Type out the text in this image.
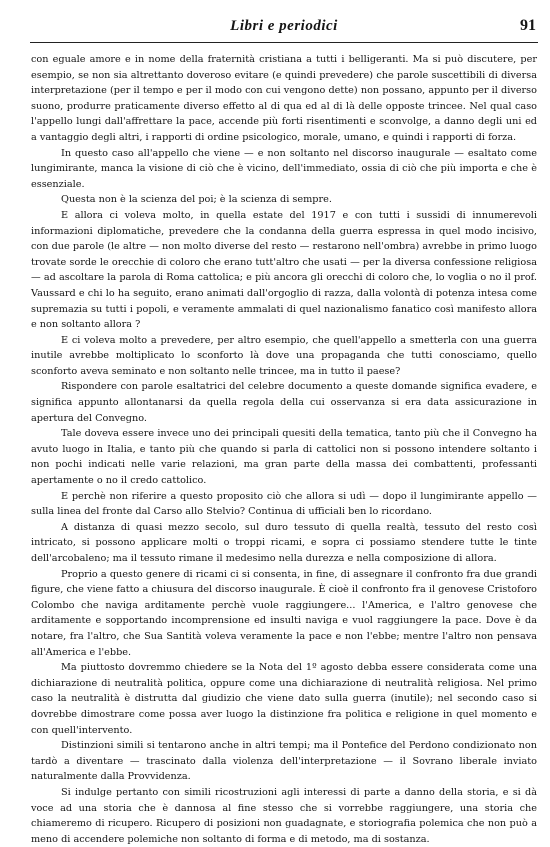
Libri e periodici	91

con eguale amore e in nome della fraternità cristiana a tutti i belligeranti. Ma si può discutere, per esempio, se non sia altrettanto doveroso evitare (e quindi prevedere) che parole suscettibili di diversa interpretazione (per il tempo e per il modo con cui vengono dette) non possano, appunto per il diverso suono, produrre praticamente diverso effetto al di qua ed al di là delle opposte trincee. Nel qual caso l'appello lungi dall'affrettare la pace, accende più forti risentimenti e sconvolge, a danno degli uni ed a vantaggio degli altri, i rapporti di ordine psicologico, morale, umano, e quindi i rapporti di forza.

In questo caso all'appello che viene — e non soltanto nel discorso inaugurale — esaltato come lungimirante, manca la visione di ciò che è vicino, dell'immediato, ossia di ciò che più importa e che è essenziale.

Questa non è la scienza del poi; è la scienza di sempre.

E allora ci voleva molto, in quella estate del 1917 e con tutti i sussidi di innumerevoli informazioni diplomatiche, prevedere che la condanna della guerra espressa in quel modo incisivo, con due parole (le altre — non molto diverse del resto — restarono nell'ombra) avrebbe in primo luogo trovate sorde le orecchie di coloro che erano tutt'altro che usati — per la diversa confessione religiosa — ad ascoltare la parola di Roma cattolica; e più ancora gli orecchi di coloro che, lo voglia o no il prof. Vaussard e chi lo ha seguito, erano animati dall'orgoglio di razza, dalla volontà di potenza intesa come supremazia su tutti i popoli, e veramente ammalati di quel nazionalismo fanatico così manifesto allora e non soltanto allora ?

E ci voleva molto a prevedere, per altro esempio, che quell'appello a smetterla con una guerra inutile avrebbe moltiplicato lo sconforto là dove una propaganda che tutti conosciamo, quello sconforto aveva seminato e non soltanto nelle trincee, ma in tutto il paese?

Rispondere con parole esaltatrici del celebre documento a queste domande significa evadere, e significa appunto allontanarsi da quella regola della cui osservanza si era data assicurazione in apertura del Convegno.

Tale doveva essere invece uno dei principali quesiti della tematica, tanto più che il Convegno ha avuto luogo in Italia, e tanto più che quando si parla di cattolici non si possono intendere soltanto i non pochi indicati nelle varie relazioni, ma gran parte della massa dei combattenti, professanti apertamente o no il credo cattolico.

E perchè non riferire a questo proposito ciò che allora si udì — dopo il lungimirante appello — sulla linea del fronte dal Carso allo Stelvio? Continua di ufficiali ben lo ricordano.

A distanza di quasi mezzo secolo, sul duro tessuto di quella realtà, tessuto del resto così intricato, si possono applicare molti o troppi ricami, e sopra ci possiamo stendere tutte le tinte dell'arcobaleno; ma il tessuto rimane il medesimo nella durezza e nella composizione di allora.

Proprio a questo genere di ricami ci si consenta, in fine, di assegnare il confronto fra due grandi figure, che viene fatto a chiusura del discorso inaugurale. È cioè il confronto fra il genovese Cristoforo Colombo che naviga arditamente perchè vuole raggiungere... l'America, e l'altro genovese che arditamente e sopportando incomprensione ed insulti naviga e vuol raggiungere la pace. Dove è da notare, fra l'altro, che Sua Santità voleva veramente la pace e non l'ebbe; mentre l'altro non pensava all'America e l'ebbe.

Ma piuttosto dovremmo chiedere se la Nota del 1º agosto debba essere considerata come una dichiarazione di neutralità politica, oppure come una dichiarazione di neutralità religiosa. Nel primo caso la neutralità è distrutta dal giudizio che viene dato sulla guerra (inutile); nel secondo caso si dovrebbe dimostrare come possa aver luogo la distinzione fra politica e religione in quel momento e con quell'intervento.

Distinzioni simili si tentarono anche in altri tempi; ma il Pontefice del Perdono condizionato non tardò a diventare — trascinato dalla violenza dell'interpretazione — il Sovrano liberale inviato naturalmente dalla Provvidenza.

Si indulge pertanto con simili ricostruzioni agli interessi di parte a danno della storia, e si dà voce ad una storia che è dannosa al fine stesso che si vorrebbe raggiungere, una storia che chiameremo di ricupero. Ricupero di posizioni non guadagnate, e storiografia polemica che non può a meno di accendere polemiche non soltanto di forma e di metodo, ma di sostanza.
